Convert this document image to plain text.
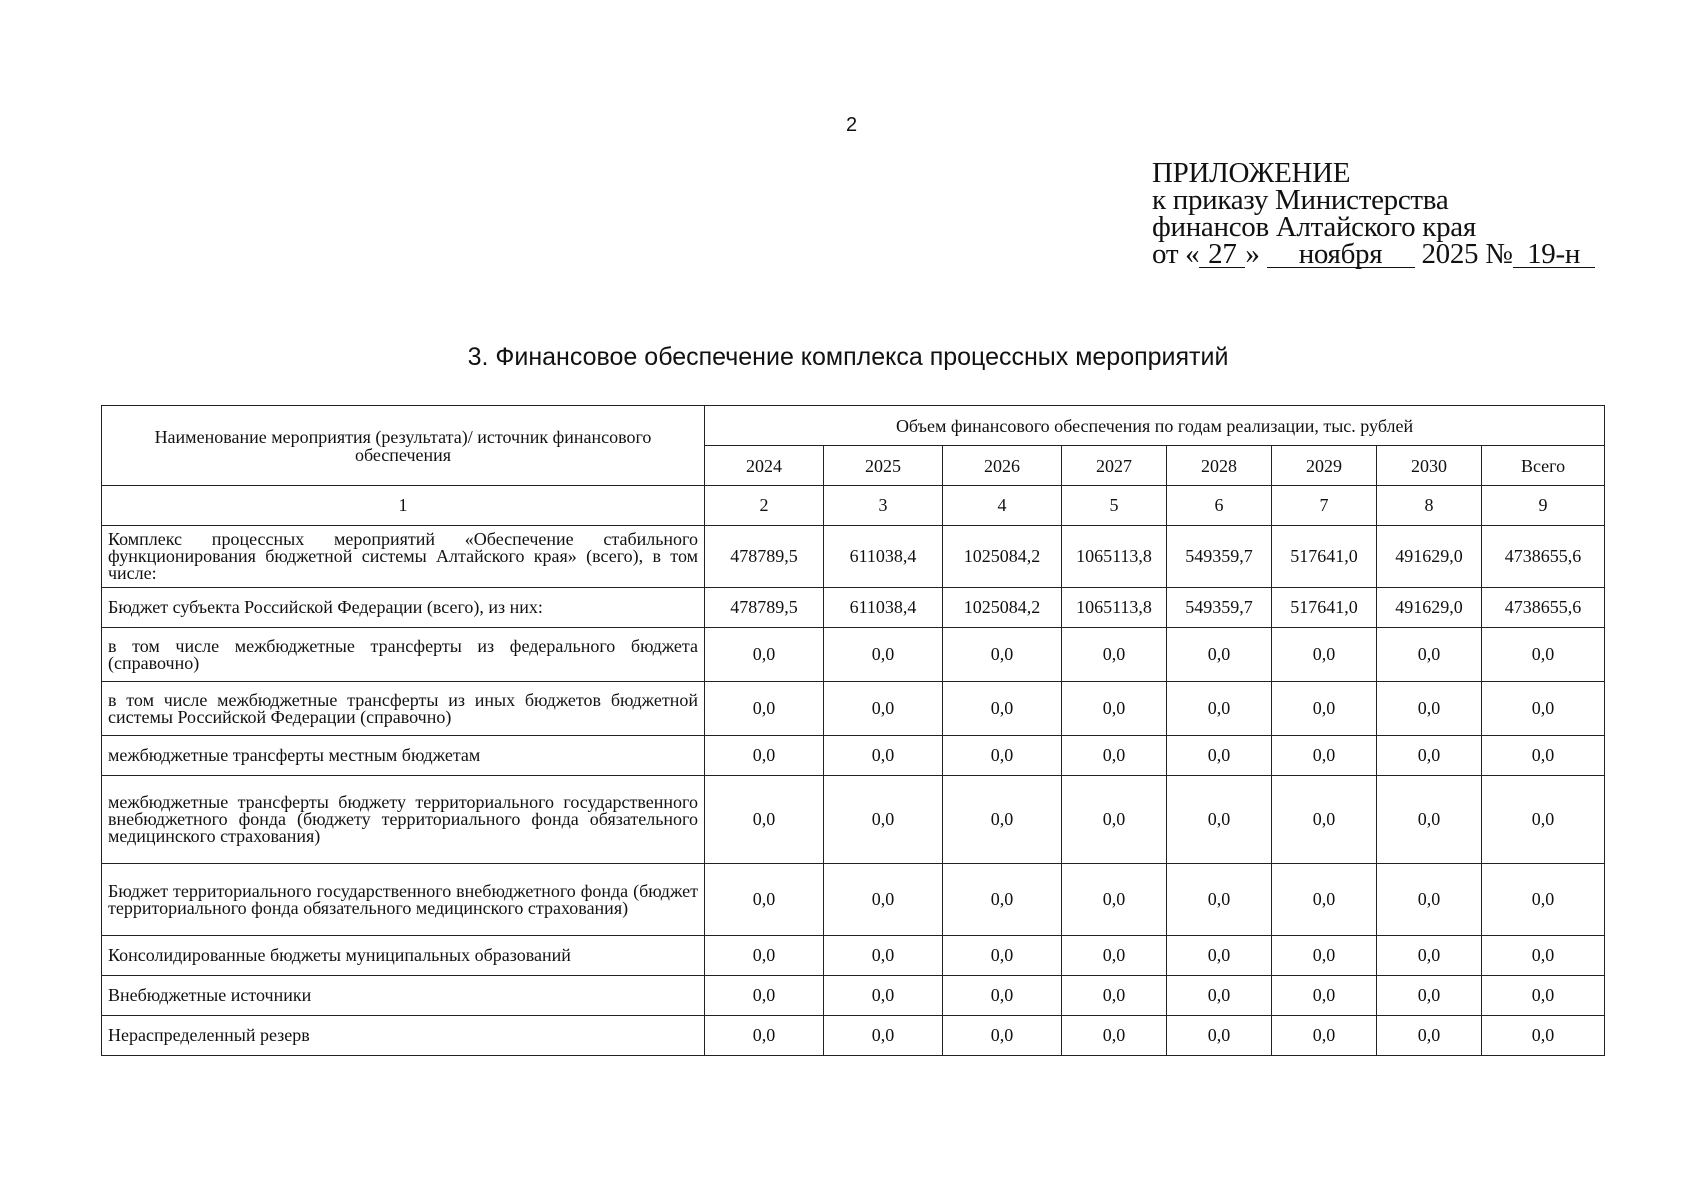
2
ПРИЛОЖЕНИЕ
к приказу Министерства
финансов Алтайского края
от « 27 » ноября 2025 № 19-н
3. Финансовое обеспечение комплекса процессных мероприятий
Наименование мероприятия (результата)/ источник финансового обеспечения	Объем финансового обеспечения по годам реализации, тыс. рублей							
	2024	2025	2026	2027	2028	2029	2030	Всего
1	2	3	4	5	6	7	8	9
Комплекс процессных мероприятий «Обеспечение стабильного функционирования бюджетной системы Алтайского края» (всего), в том числе:	478789,5	611038,4	1025084,2	1065113,8	549359,7	517641,0	491629,0	4738655,6
Бюджет субъекта Российской Федерации (всего), из них:	478789,5	611038,4	1025084,2	1065113,8	549359,7	517641,0	491629,0	4738655,6
в том числе межбюджетные трансферты из федерального бюджета (справочно)	0,0	0,0	0,0	0,0	0,0	0,0	0,0	0,0
в том числе межбюджетные трансферты из иных бюджетов бюджетной системы Российской Федерации (справочно)	0,0	0,0	0,0	0,0	0,0	0,0	0,0	0,0
межбюджетные трансферты местным бюджетам	0,0	0,0	0,0	0,0	0,0	0,0	0,0	0,0
межбюджетные трансферты бюджету территориального государственного внебюджетного фонда (бюджету территориального фонда обязательного медицинского страхования)	0,0	0,0	0,0	0,0	0,0	0,0	0,0	0,0
Бюджет территориального государственного внебюджетного фонда (бюджет территориального фонда обязательного медицинского страхования)	0,0	0,0	0,0	0,0	0,0	0,0	0,0	0,0
Консолидированные бюджеты муниципальных образований	0,0	0,0	0,0	0,0	0,0	0,0	0,0	0,0
Внебюджетные источники	0,0	0,0	0,0	0,0	0,0	0,0	0,0	0,0
Нераспределенный резерв	0,0	0,0	0,0	0,0	0,0	0,0	0,0	0,0
